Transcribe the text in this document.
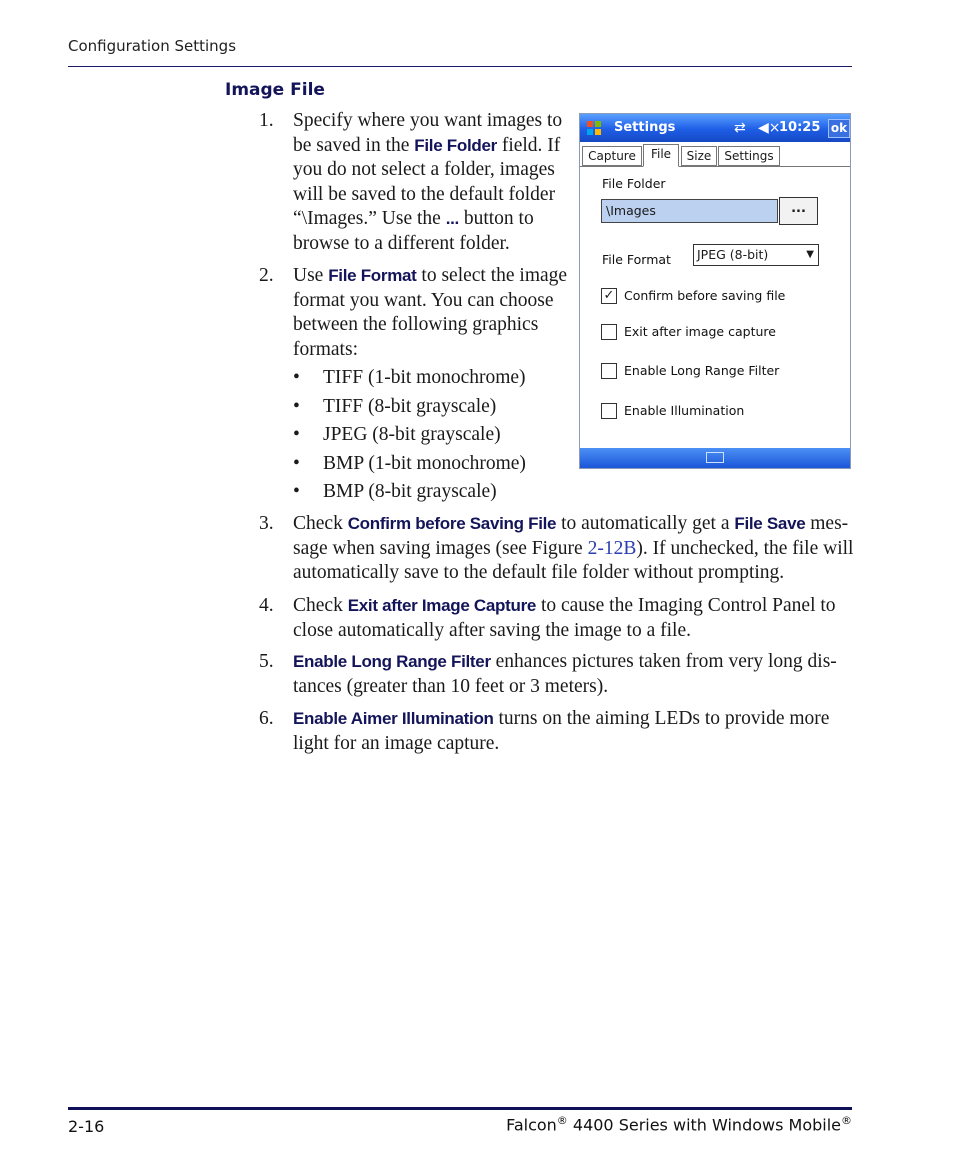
Configuration Settings
Image File
1. Specify where you want images to
be saved in the File Folder field. If
you do not select a folder, images
will be saved to the default folder
“\Images.” Use the ... button to
browse to a different folder.
2. Use File Format to select the image
format you want. You can choose
between the following graphics
formats:
• TIFF (1-bit monochrome)
• TIFF (8-bit grayscale)
• JPEG (8-bit grayscale)
• BMP (1-bit monochrome)
• BMP (8-bit grayscale)
3. Check Confirm before Saving File to automatically get a File Save mes-
sage when saving images (see Figure 2-12B). If unchecked, the file will
automatically save to the default file folder without prompting.
4. Check Exit after Image Capture to cause the Imaging Control Panel to
close automatically after saving the image to a file.
5. Enable Long Range Filter enhances pictures taken from very long dis-
tances (greater than 10 feet or 3 meters).
6. Enable Aimer Illumination turns on the aiming LEDs to provide more
light for an image capture.
Settings	⇄ ◀×
10:25 ok
Capture	File	Size	Settings
File Folder
\Images	...
File Format	JPEG (8-bit)	▼
✓ Confirm before saving file
Exit after image capture
Enable Long Range Filter
Enable Illumination
2-16	Falcon® 4400 Series with Windows Mobile®
